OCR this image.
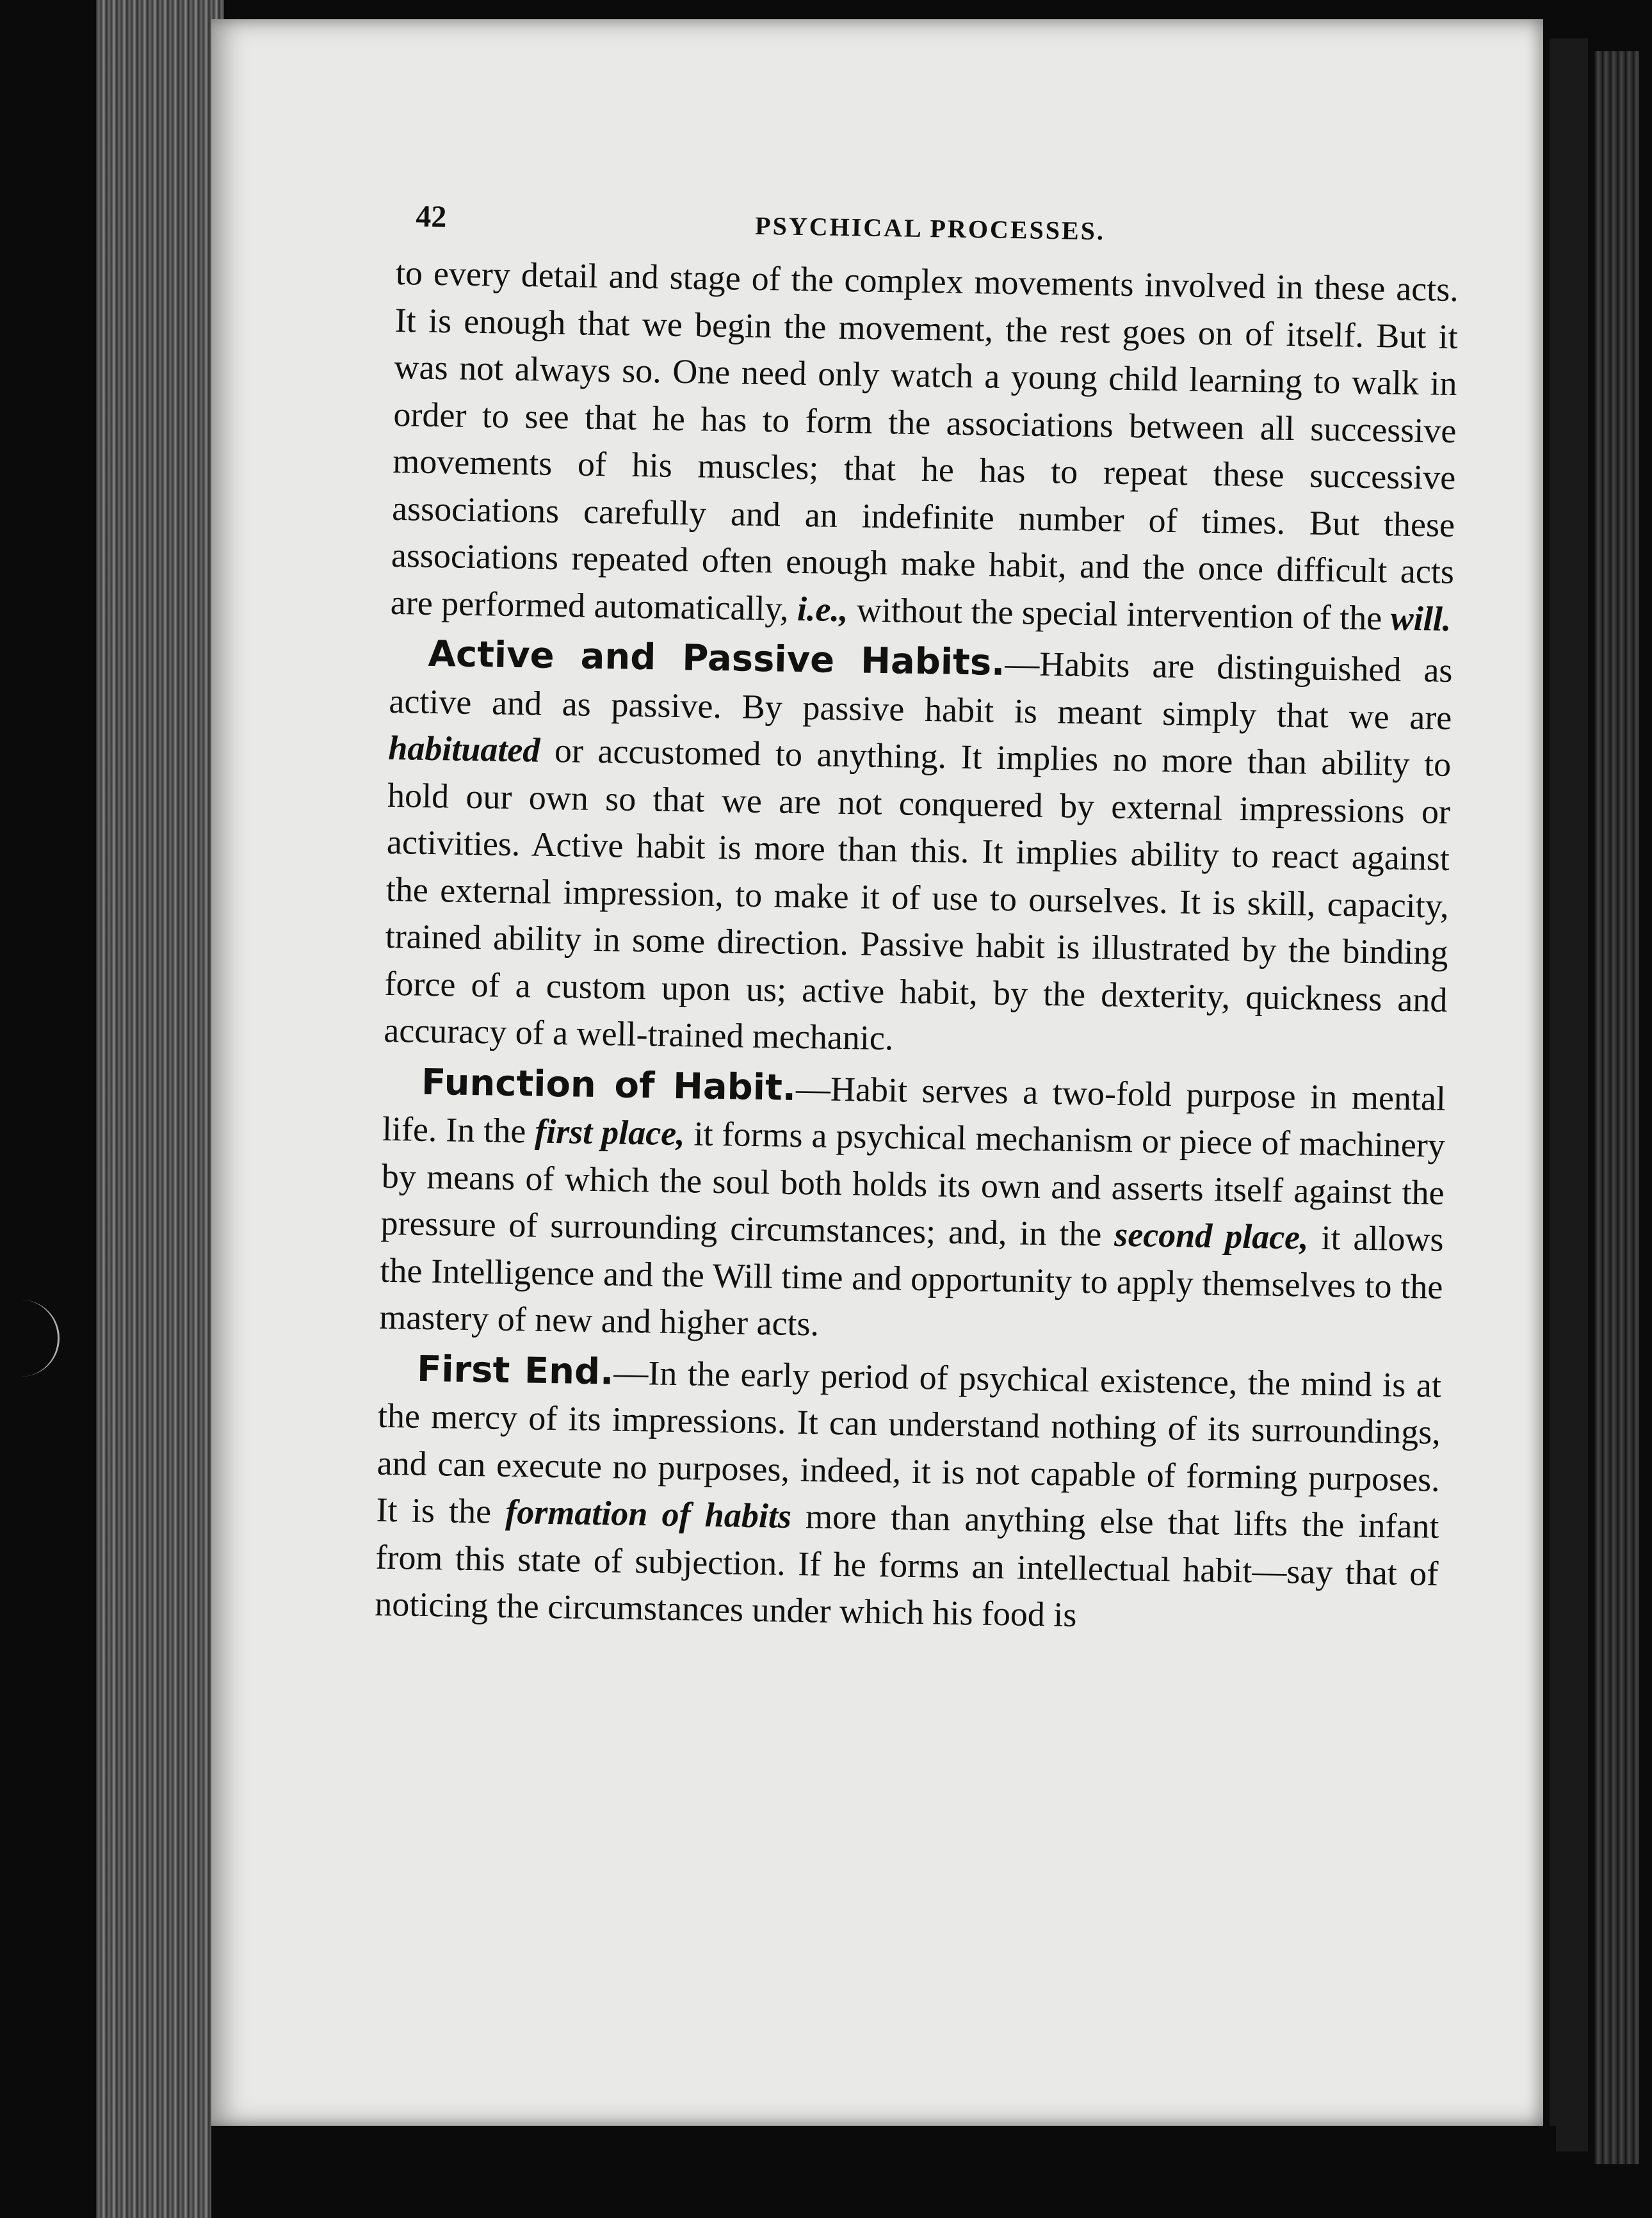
42	PSYCHICAL PROCESSES.

to every detail and stage of the complex movements involved in these acts. It is enough that we begin the movement, the rest goes on of itself. But it was not always so. One need only watch a young child learning to walk in order to see that he has to form the associations between all successive movements of his muscles; that he has to repeat these successive associations carefully and an indefinite number of times. But these associations repeated often enough make habit, and the once difficult acts are performed automatically, i.e., without the special intervention of the will.

Active and Passive Habits.—Habits are distinguished as active and as passive. By passive habit is meant simply that we are habituated or accustomed to anything. It implies no more than ability to hold our own so that we are not conquered by external impressions or activities. Active habit is more than this. It implies ability to react against the external impression, to make it of use to ourselves. It is skill, capacity, trained ability in some direction. Passive habit is illustrated by the binding force of a custom upon us; active habit, by the dexterity, quickness and accuracy of a well-trained mechanic.

Function of Habit.—Habit serves a two-fold purpose in mental life. In the first place, it forms a psychical mechanism or piece of machinery by means of which the soul both holds its own and asserts itself against the pressure of surrounding circumstances; and, in the second place, it allows the Intelligence and the Will time and opportunity to apply themselves to the mastery of new and higher acts.

First End.—In the early period of psychical existence, the mind is at the mercy of its impressions. It can understand nothing of its surroundings, and can execute no purposes, indeed, it is not capable of forming purposes. It is the formation of habits more than anything else that lifts the infant from this state of subjection. If he forms an intellectual habit—say that of noticing the circumstances under which his food is
